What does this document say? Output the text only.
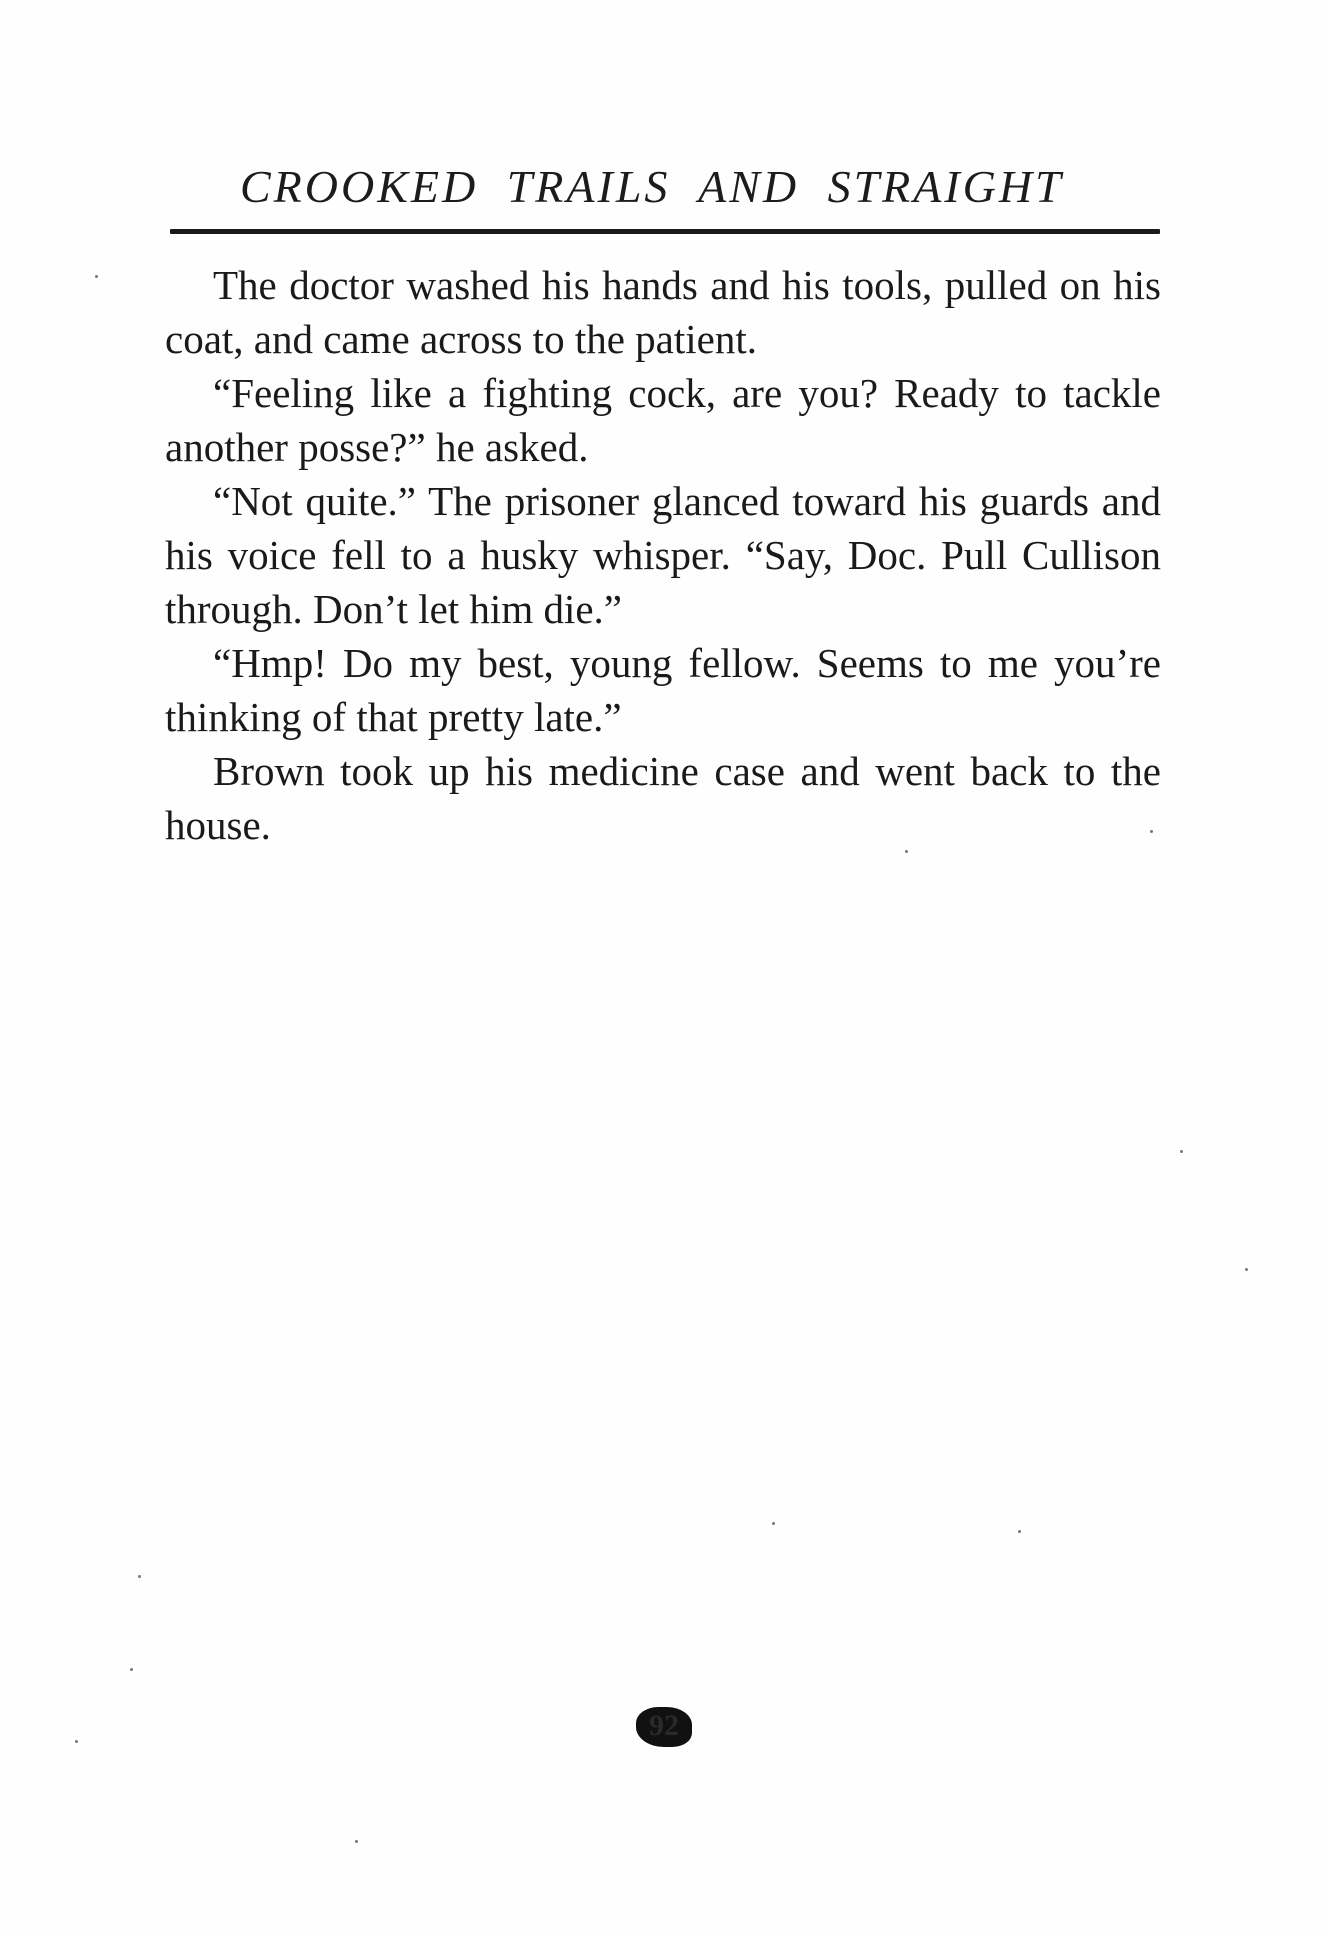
CROOKED TRAILS AND STRAIGHT

The doctor washed his hands and his tools, pulled on his coat, and came across to the patient.

“Feeling like a fighting cock, are you? Ready to tackle another posse?” he asked.

“Not quite.” The prisoner glanced toward his guards and his voice fell to a husky whisper. “Say, Doc. Pull Cullison through. Don’t let him die.”

“Hmp! Do my best, young fellow. Seems to me you’re thinking of that pretty late.”

Brown took up his medicine case and went back to the house.

92
